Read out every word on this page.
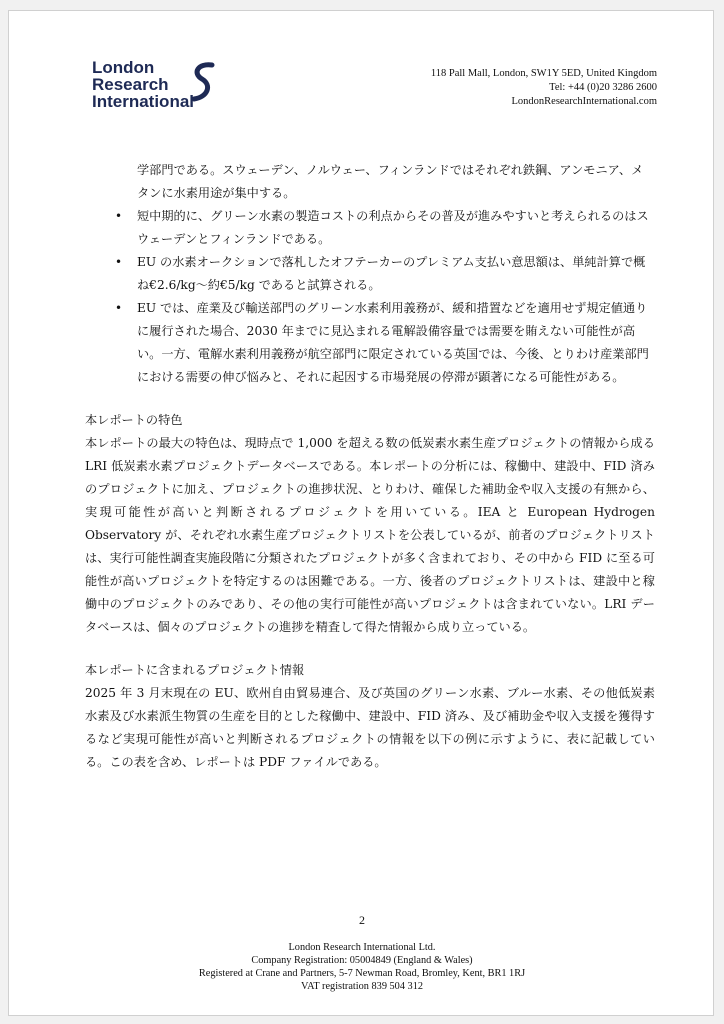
London
Research
International
118 Pall Mall, London, SW1Y 5ED, United Kingdom
Tel: +44 (0)20 3286 2600
LondonResearchInternational.com
学部門である。スウェーデン、ノルウェー、フィンランドではそれぞれ鉄鋼、アンモニア、メタンに水素用途が集中する。
• 短中期的に、グリーン水素の製造コストの利点からその普及が進みやすいと考えられるのはスウェーデンとフィンランドである。
• EU の水素オークションで落札したオフテーカーのプレミアム支払い意思額は、単純計算で概ね€2.6/kg〜約€5/kg であると試算される。
• EU では、産業及び輸送部門のグリーン水素利用義務が、緩和措置などを適用せず規定値通りに履行された場合、2030 年までに見込まれる電解設備容量では需要を賄えない可能性が高い。一方、電解水素利用義務が航空部門に限定されている英国では、今後、とりわけ産業部門における需要の伸び悩みと、それに起因する市場発展の停滞が顕著になる可能性がある。

本レポートの特色

本レポートの最大の特色は、現時点で 1,000 を超える数の低炭素水素生産プロジェクトの情報から成る LRI 低炭素水素プロジェクトデータベースである。本レポートの分析には、稼働中、建設中、FID 済みのプロジェクトに加え、プロジェクトの進捗状況、とりわけ、確保した補助金や収入支援の有無から、実現可能性が高いと判断されるプロジェクトを用いている。IEA と European Hydrogen Observatory が、それぞれ水素生産プロジェクトリストを公表しているが、前者のプロジェクトリストは、実行可能性調査実施段階に分類されたプロジェクトが多く含まれており、その中から FID に至る可能性が高いプロジェクトを特定するのは困難である。一方、後者のプロジェクトリストは、建設中と稼働中のプロジェクトのみであり、その他の実行可能性が高いプロジェクトは含まれていない。LRI データベースは、個々のプロジェクトの進捗を精査して得た情報から成り立っている。

本レポートに含まれるプロジェクト情報

2025 年 3 月末現在の EU、欧州自由貿易連合、及び英国のグリーン水素、ブルー水素、その他低炭素水素及び水素派生物質の生産を目的とした稼働中、建設中、FID 済み、及び補助金や収入支援を獲得するなど実現可能性が高いと判断されるプロジェクトの情報を以下の例に示すように、表に記載している。この表を含め、レポートは PDF ファイルである。

2
London Research International Ltd.
Company Registration: 05004849 (England & Wales)
Registered at Crane and Partners, 5-7 Newman Road, Bromley, Kent, BR1 1RJ
VAT registration 839 504 312
